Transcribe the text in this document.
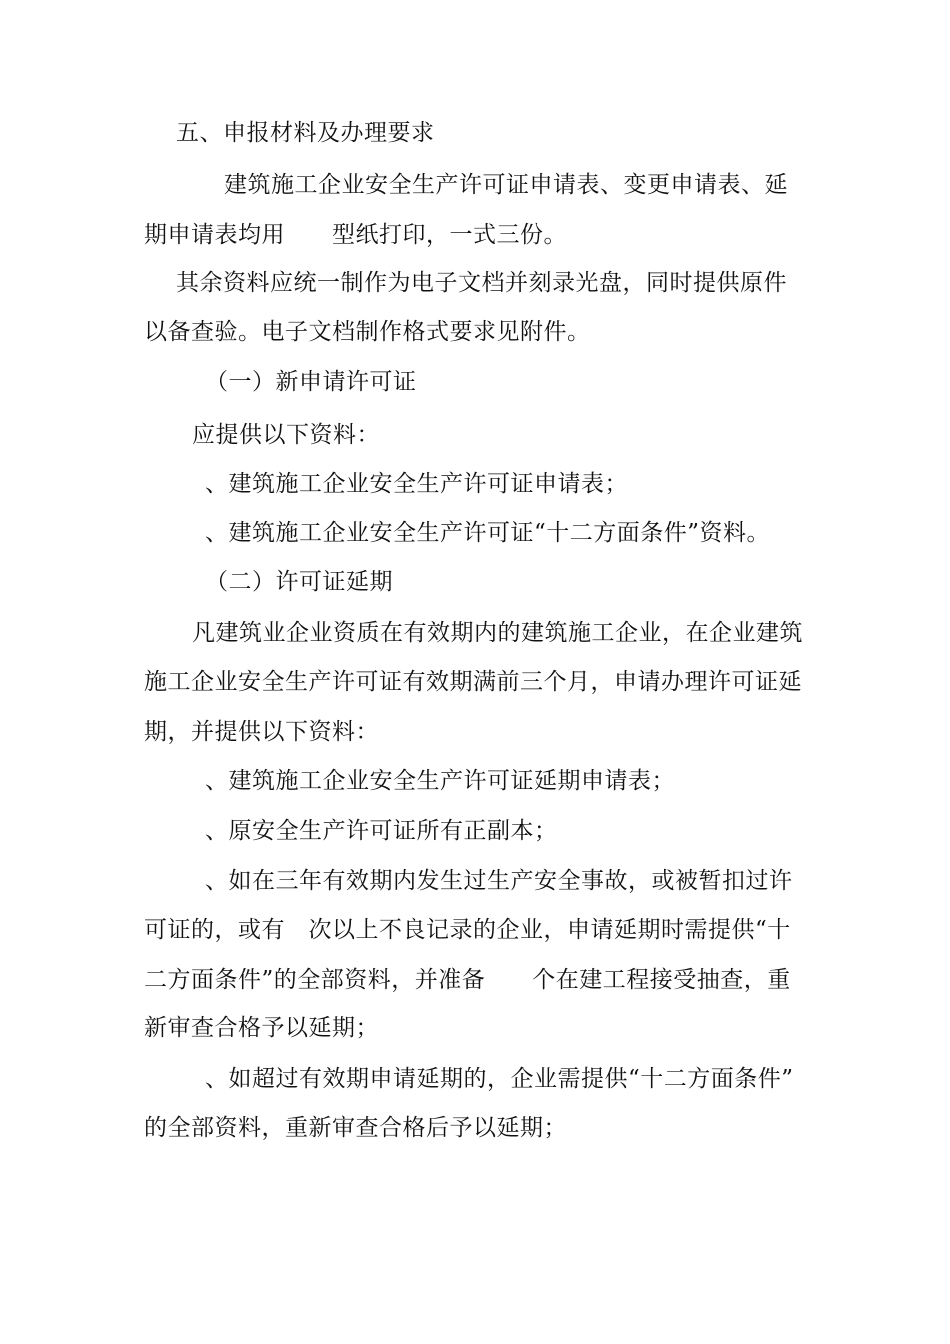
五、申报材料及办理要求
建筑施工企业安全生产许可证申请表、变更申请表、延
期申请表均用　　型纸打印，一式三份。
其余资料应统一制作为电子文档并刻录光盘，同时提供原件
以备查验。电子文档制作格式要求见附件。
（一）新申请许可证
应提供以下资料：
、建筑施工企业安全生产许可证申请表；
、建筑施工企业安全生产许可证“十二方面条件”资料。
（二）许可证延期
凡建筑业企业资质在有效期内的建筑施工企业，在企业建筑
施工企业安全生产许可证有效期满前三个月，申请办理许可证延
期，并提供以下资料：
、建筑施工企业安全生产许可证延期申请表；
、原安全生产许可证所有正副本；
、如在三年有效期内发生过生产安全事故，或被暂扣过许
可证的，或有　次以上不良记录的企业，申请延期时需提供“十
二方面条件”的全部资料，并准备　　个在建工程接受抽查，重
新审查合格予以延期；
、如超过有效期申请延期的，企业需提供“十二方面条件”
的全部资料，重新审查合格后予以延期；
